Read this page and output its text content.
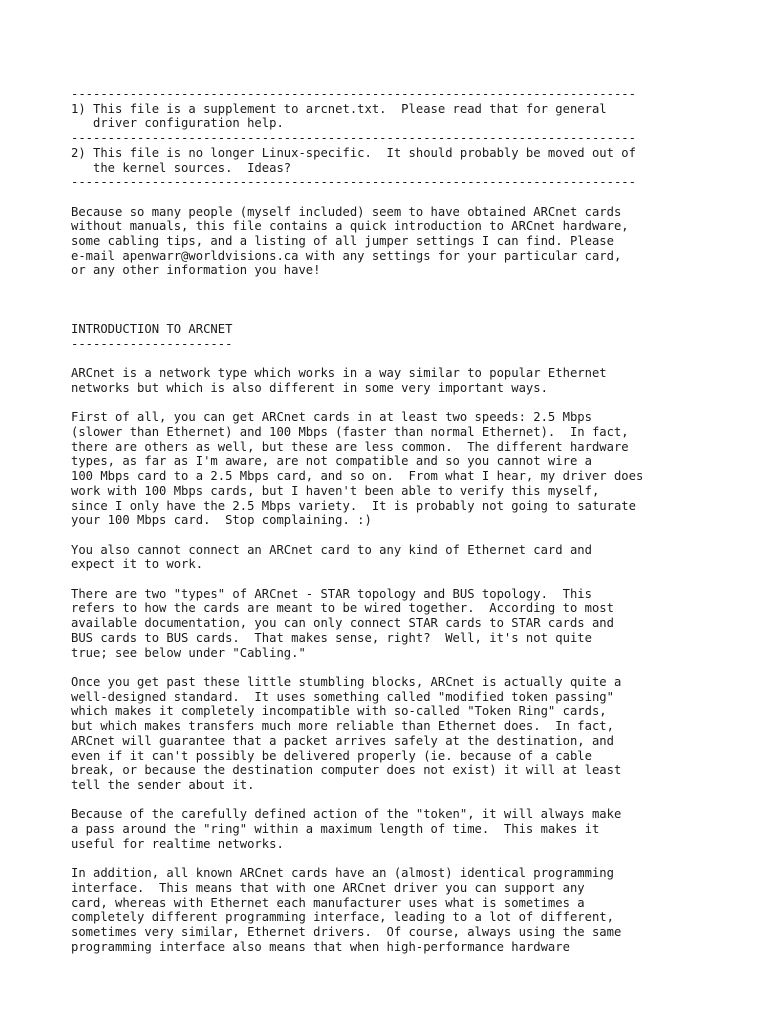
-----------------------------------------------------------------------------
1) This file is a supplement to arcnet.txt.  Please read that for general
driver configuration help.
-----------------------------------------------------------------------------
2) This file is no longer Linux-specific.  It should probably be moved out of
the kernel sources.  Ideas?
-----------------------------------------------------------------------------
Because so many people (myself included) seem to have obtained ARCnet cards
without manuals, this file contains a quick introduction to ARCnet hardware,
some cabling tips, and a listing of all jumper settings I can find. Please
e-mail apenwarr@worldvisions.ca with any settings for your particular card,
or any other information you have!
INTRODUCTION TO ARCNET
----------------------
ARCnet is a network type which works in a way similar to popular Ethernet
networks but which is also different in some very important ways.
First of all, you can get ARCnet cards in at least two speeds: 2.5 Mbps
(slower than Ethernet) and 100 Mbps (faster than normal Ethernet).  In fact,
there are others as well, but these are less common.  The different hardware
types, as far as I'm aware, are not compatible and so you cannot wire a
100 Mbps card to a 2.5 Mbps card, and so on.  From what I hear, my driver does
work with 100 Mbps cards, but I haven't been able to verify this myself,
since I only have the 2.5 Mbps variety.  It is probably not going to saturate
your 100 Mbps card.  Stop complaining. :)
You also cannot connect an ARCnet card to any kind of Ethernet card and
expect it to work.
There are two "types" of ARCnet - STAR topology and BUS topology.  This
refers to how the cards are meant to be wired together.  According to most
available documentation, you can only connect STAR cards to STAR cards and
BUS cards to BUS cards.  That makes sense, right?  Well, it's not quite
true; see below under "Cabling."
Once you get past these little stumbling blocks, ARCnet is actually quite a
well-designed standard.  It uses something called "modified token passing"
which makes it completely incompatible with so-called "Token Ring" cards,
but which makes transfers much more reliable than Ethernet does.  In fact,
ARCnet will guarantee that a packet arrives safely at the destination, and
even if it can't possibly be delivered properly (ie. because of a cable
break, or because the destination computer does not exist) it will at least
tell the sender about it.
Because of the carefully defined action of the "token", it will always make
a pass around the "ring" within a maximum length of time.  This makes it
useful for realtime networks.
In addition, all known ARCnet cards have an (almost) identical programming
interface.  This means that with one ARCnet driver you can support any
card, whereas with Ethernet each manufacturer uses what is sometimes a
completely different programming interface, leading to a lot of different,
sometimes very similar, Ethernet drivers.  Of course, always using the same
programming interface also means that when high-performance hardware
